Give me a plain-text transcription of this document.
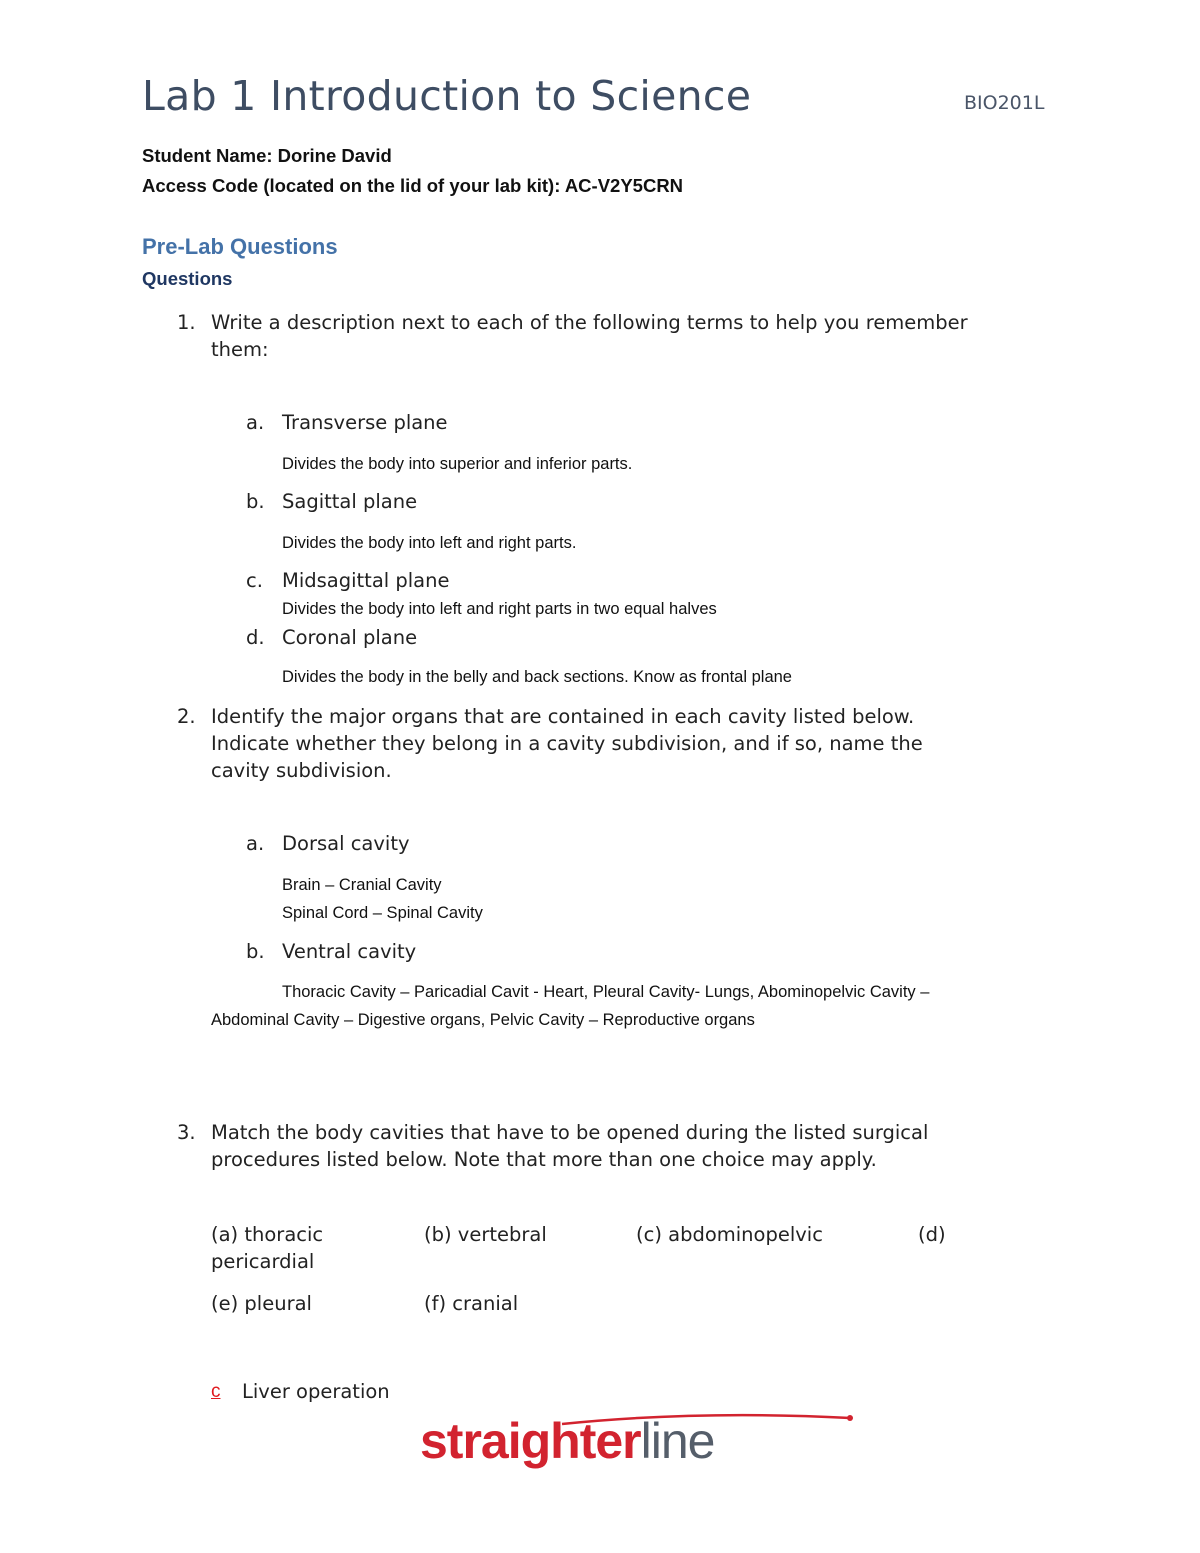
Lab 1 Introduction to Science	BIO201L
Student Name: Dorine David
Access Code (located on the lid of your lab kit): AC-V2Y5CRN
Pre-Lab Questions
Questions
1. Write a description next to each of the following terms to help you remember
them:
a. Transverse plane
Divides the body into superior and inferior parts.
b. Sagittal plane
Divides the body into left and right parts.
c. Midsagittal plane
Divides the body into left and right parts in two equal halves
d. Coronal plane
Divides the body in the belly and back sections. Know as frontal plane
2. Identify the major organs that are contained in each cavity listed below.
Indicate whether they belong in a cavity subdivision, and if so, name the
cavity subdivision.
a. Dorsal cavity
Brain – Cranial Cavity
Spinal Cord – Spinal Cavity
b. Ventral cavity
Thoracic Cavity – Paricadial Cavit - Heart, Pleural Cavity- Lungs, Abominopelvic Cavity –
Abdominal Cavity – Digestive organs, Pelvic Cavity – Reproductive organs
3. Match the body cavities that have to be opened during the listed surgical
procedures listed below. Note that more than one choice may apply.
(a) thoracic	(b) vertebral	(c) abdominopelvic	(d)
pericardial
(e) pleural	(f) cranial
c Liver operation
straighterline
